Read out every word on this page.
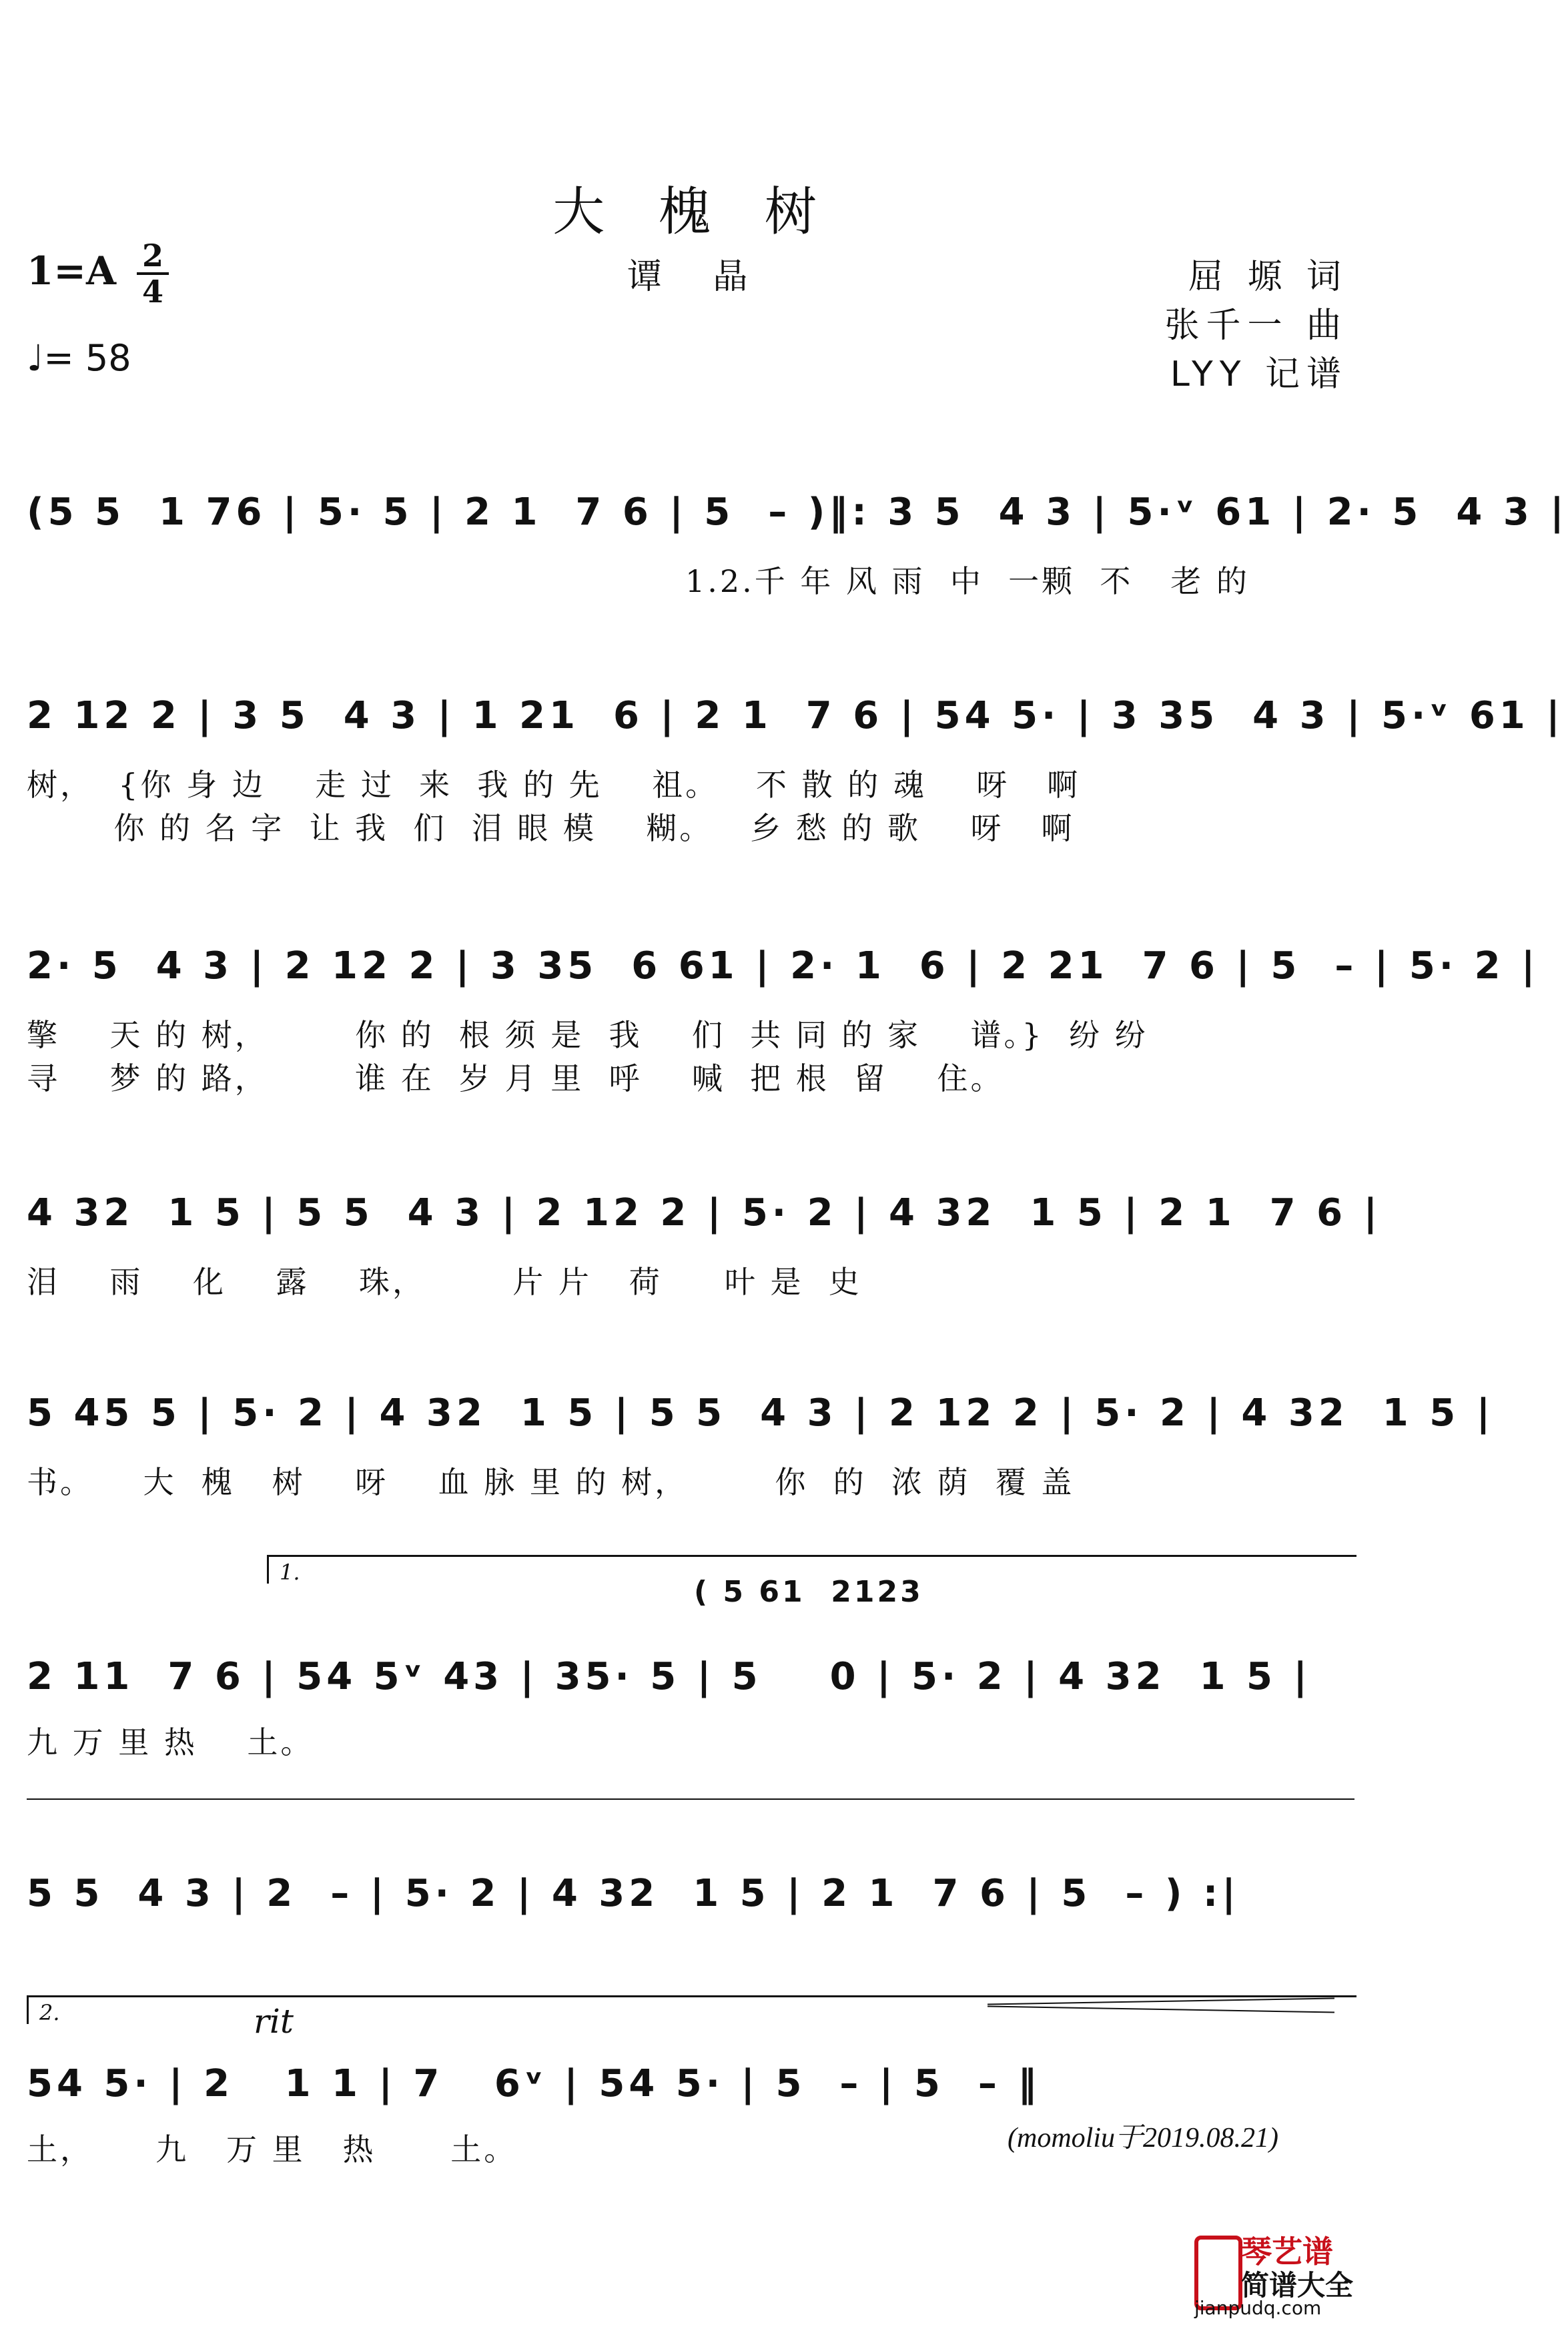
大 槐 树
1=A 2
4
♩= 58
谭 晶	屈 塬 词
张千一 曲
LYY 记谱
(5 5  1 76 | 5· 5 | 2 1  7 6 | 5  – )‖: 3 5  4 3 | 5·ᵛ 61 | 2· 5  4 3 |
1.2.千 年 风 雨  中  一颗  不   老 的
2 12 2 | 3 5  4 3 | 1 21  6 | 2 1  7 6 | 54 5· | 3 35  4 3 | 5·ᵛ 61 |
树，  {你 身 边    走 过  来  我 的 先    祖。   不 散 的 魂    呀   啊
你 的 名 字  让 我  们  泪 眼 模    糊。   乡 愁 的 歌    呀   啊
2· 5  4 3 | 2 12 2 | 3 35  6 61 | 2· 1  6 | 2 21  7 6 | 5  – | 5· 2 |
擎    天 的 树，       你 的  根 须 是  我    们  共 同 的 家    谱。}  纷 纷
寻    梦 的 路，       谁 在  岁 月 里  呼    喊  把 根  留    住。
4 32  1 5 | 5 5  4 3 | 2 12 2 | 5· 2 | 4 32  1 5 | 2 1  7 6 |
泪    雨    化    露    珠，       片 片   荷     叶 是  史
5 45 5 | 5· 2 | 4 32  1 5 | 5 5  4 3 | 2 12 2 | 5· 2 | 4 32  1 5 |
书。    大  槐   树    呀    血 脉 里 的 树，       你  的  浓 荫  覆 盖
1.
( 5 61  2123
2 11  7 6 | 54 5ᵛ 43 | 35· 5 | 5    0 | 5· 2 | 4 32  1 5 |
九 万 里 热    土。
5 5  4 3 | 2  – | 5· 2 | 4 32  1 5 | 2 1  7 6 | 5  – ) :|
2.
54 5· | 2   1 1 | 7   6ᵛ | 54 5· | 5  – | 5  – ‖
土，     九   万 里   热      土。
rit
(momoliu于2019.08.21)
琴艺谱
简谱大全
jianpudq.com
